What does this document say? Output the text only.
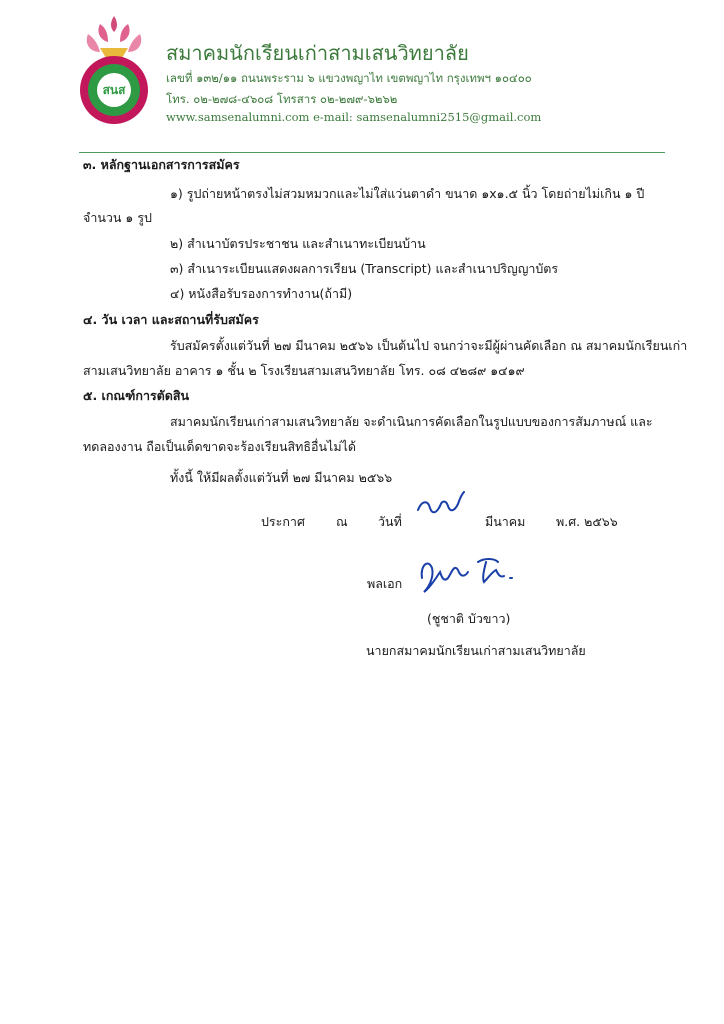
สนส
สมาคมนักเรียนเก่าสามเสนวิทยาลัย
เลขที่ ๑๓๒/๑๑ ถนนพระราม ๖ แขวงพญาไท เขตพญาไท กรุงเทพฯ ๑๐๔๐๐
โทร. ๐๒-๒๗๘-๔๖๐๘ โทรสาร ๐๒-๒๗๙-๖๒๖๒
www.samsenalumni.com e-mail: samsenalumni2515@gmail.com
๓. หลักฐานเอกสารการสมัคร
๑) รูปถ่ายหน้าตรงไม่สวมหมวกและไม่ใส่แว่นตาดำ ขนาด ๑x๑.๕ นิ้ว โดยถ่ายไม่เกิน ๑ ปี
จำนวน ๑ รูป
๒) สำเนาบัตรประชาชน และสำเนาทะเบียนบ้าน
๓) สำเนาระเบียนแสดงผลการเรียน (Transcript) และสำเนาปริญญาบัตร
๔) หนังสือรับรองการทำงาน(ถ้ามี)
๔. วัน เวลา และสถานที่รับสมัคร
รับสมัครตั้งแต่วันที่ ๒๗ มีนาคม ๒๕๖๖ เป็นต้นไป จนกว่าจะมีผู้ผ่านคัดเลือก ณ สมาคมนักเรียนเก่า
สามเสนวิทยาลัย อาคาร ๑ ชั้น ๒ โรงเรียนสามเสนวิทยาลัย โทร. ๐๘ ๔๒๘๙ ๑๔๑๙
๕. เกณฑ์การตัดสิน
สมาคมนักเรียนเก่าสามเสนวิทยาลัย จะดำเนินการคัดเลือกในรูปแบบของการสัมภาษณ์ และ
ทดลองงาน ถือเป็นเด็ดขาดจะร้องเรียนสิทธิอื่นไม่ได้
ทั้งนี้ ให้มีผลตั้งแต่วันที่ ๒๗ มีนาคม ๒๕๖๖
ประกาศ ณ วันที่	มีนาคม พ.ศ. ๒๕๖๖
พลเอก
(ชูชาติ บัวขาว)
นายกสมาคมนักเรียนเก่าสามเสนวิทยาลัย
